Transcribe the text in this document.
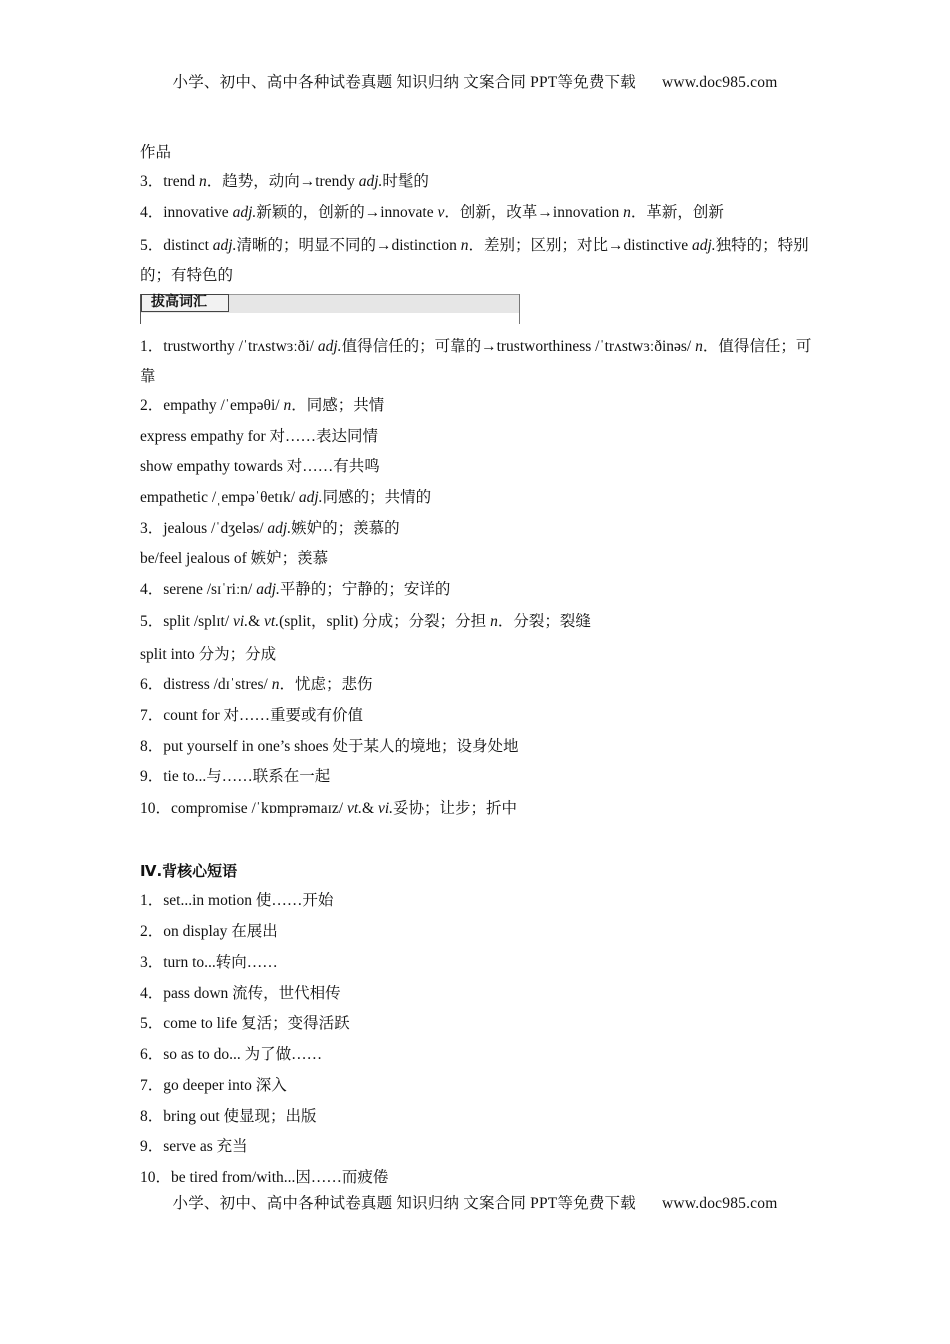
小学、初中、高中各种试卷真题 知识归纳 文案合同 PPT等免费下载 www.doc985.com
作品
3．trend n．趋势，动向→trendy adj.时髦的
4．innovative adj.新颖的，创新的→innovate v．创新，改革→innovation n．革新，创新
5．distinct adj.清晰的；明显不同的→distinction n．差别；区别；对比→distinctive adj.独特的；特别的；有特色的
1．trustworthy /ˈtrʌstwɜːði/ adj.值得信任的；可靠的→trustworthiness /ˈtrʌstwɜːðinəs/ n．值得信任；可靠
2．empathy /ˈempəθi/ n．同感；共情
express empathy for 对……表达同情
show empathy towards 对……有共鸣
empathetic /ˌempəˈθetɪk/ adj.同感的；共情的
3．jealous /ˈdʒeləs/ adj.嫉妒的；羡慕的
be/feel jealous of 嫉妒；羡慕
4．serene /sɪˈriːn/ adj.平静的；宁静的；安详的
5．split /splɪt/ vi.& vt.(split，split) 分成；分裂；分担 n．分裂；裂缝
split into 分为；分成
6．distress /dɪˈstres/ n．忧虑；悲伤
7．count for 对……重要或有价值
8．put yourself in one’s shoes 处于某人的境地；设身处地
9．tie to...与……联系在一起
10．compromise /ˈkɒmprəmaɪz/ vt.& vi.妥协；让步；折中
Ⅳ.背核心短语
1．set...in motion 使……开始
2．on display 在展出
3．turn to...转向……
4．pass down 流传，世代相传
5．come to life 复活；变得活跃
6．so as to do... 为了做……
7．go deeper into 深入
8．bring out 使显现；出版
9．serve as 充当
10．be tired from/with...因……而疲倦
拔高词汇
小学、初中、高中各种试卷真题 知识归纳 文案合同 PPT等免费下载 www.doc985.com
